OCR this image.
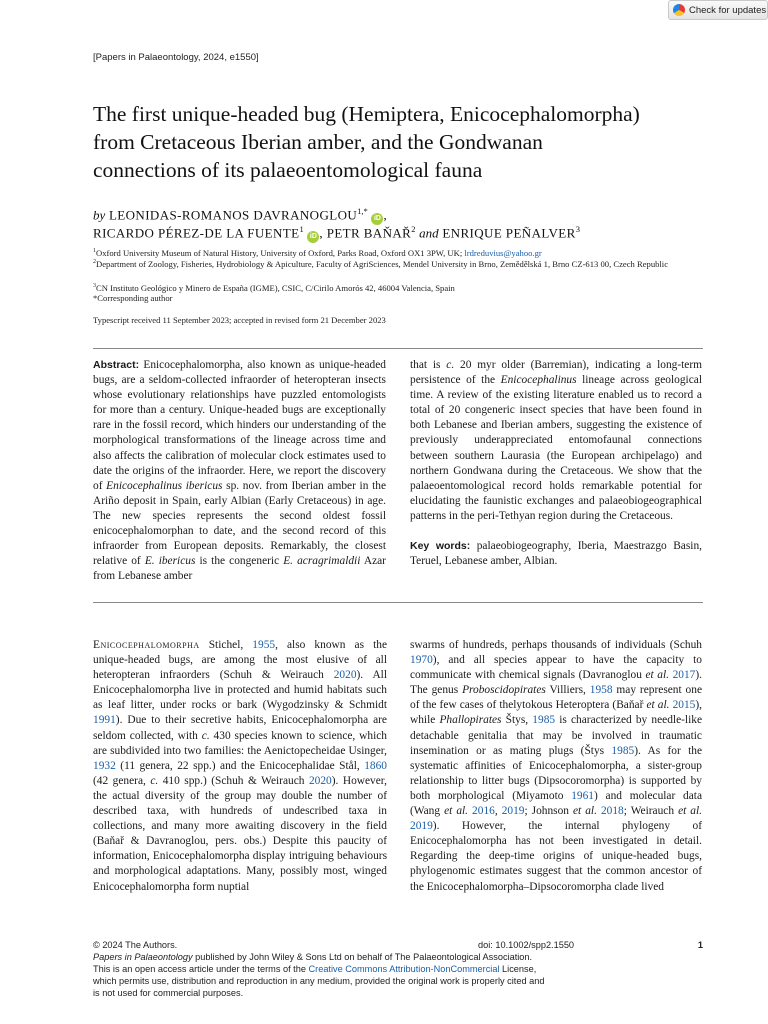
Check for updates
[Papers in Palaeontology, 2024, e1550]
The first unique-headed bug (Hemiptera, Enicocephalomorpha)
from Cretaceous Iberian amber, and the Gondwanan
connections of its palaeoentomological fauna
by LEONIDAS-ROMANOS $DAVRANOGLOU^{1,*}$ iD ,
RICARDO PÉREZ-DE LA FUENTE$^1$ iD , PETR BAŇAŘ$^2$ and ENRIQUE PEÑALVER$^3$
$^1$Oxford University Museum of Natural History, University of Oxford, Parks Road, Oxford OX1 3PW, UK; lrdreduvius@yahoo.gr
$^2$Department of Zoology, Fisheries, Hydrobiology & Apiculture, Faculty of AgriSciences, Mendel University in Brno, Zemědělská 1, Brno CZ-613 00, Czech Republic
$^3$CN Instituto Geológico y Minero de España (IGME), CSIC, C/Cirilo Amorós 42, 46004 Valencia, Spain
*Corresponding author
Typescript received 11 September 2023; accepted in revised form 21 December 2023
Abstract: Enicocephalomorpha, also known as unique-headed bugs, are a seldom-collected infraorder of heteropteran insects whose evolutionary relationships have puzzled entomologists for more than a century. Unique-headed bugs are exceptionally rare in the fossil record, which hinders our understanding of the morphological transformations of the lineage across time and also affects the calibration of molecular clock estimates used to date the origins of the infraorder. Here, we report the discovery of Enicocephalinus ibericus sp. nov. from Iberian amber in the Ariño deposit in Spain, early Albian (Early Cretaceous) in age. The new species represents the second oldest fossil enicocephalomorphan to date, and the second record of this infraorder from European deposits. Remarkably, the closest relative of E. ibericus is the congeneric E. acragrimaldii Azar from Lebanese amber

that is c. 20 myr older (Barremian), indicating a long-term persistence of the Enicocephalinus lineage across geological time. A review of the existing literature enabled us to record a total of 20 congeneric insect species that have been found in both Lebanese and Iberian ambers, suggesting the existence of previously underappreciated entomofaunal connections between southern Laurasia (the European archipelago) and northern Gondwana during the Cretaceous. We show that the palaeoentomological record holds remarkable potential for elucidating the faunistic exchanges and palaeobiogeographical patterns in the peri-Tethyan region during the Cretaceous.

Key words: palaeobiogeography, Iberia, Maestrazgo Basin, Teruel, Lebanese amber, Albian.

Enicocephalomorpha Stichel, 1955, also known as the unique-headed bugs, are among the most elusive of all heteropteran infraorders (Schuh & Weirauch 2020). All Enicocephalomorpha live in protected and humid habitats such as leaf litter, under rocks or bark (Wygodzinsky & Schmidt 1991). Due to their secretive habits, Enicocephalomorpha are seldom collected, with c. 430 species known to science, which are subdivided into two families: the Aenictopecheidae Usinger, 1932 (11 genera, 22 spp.) and the Enicocephalidae Stål, 1860 (42 genera, c. 410 spp.) (Schuh & Weirauch 2020). However, the actual diversity of the group may double the number of described taxa, with hundreds of undescribed taxa in collections, and many more awaiting discovery in the field (Baňař & Davranoglou, pers. obs.) Despite this paucity of information, Enicocephalomorpha display intriguing behaviours and morphological adaptations. Many, possibly most, winged Enicocephalomorpha form nuptial
swarms of hundreds, perhaps thousands of individuals (Schuh 1970), and all species appear to have the capacity to communicate with chemical signals (Davranoglou et al. 2017). The genus Proboscidopirates Villiers, 1958 may represent one of the few cases of thelytokous Heteroptera (Baňař et al. 2015), while Phallopirates Štys, 1985 is characterized by needle-like detachable genitalia that may be involved in traumatic insemination or as mating plugs (Štys 1985). As for the systematic affinities of Enicocephalomorpha, a sister-group relationship to litter bugs (Dipsocoromorpha) is supported by both morphological (Miyamoto 1961) and molecular data (Wang et al. 2016, 2019; Johnson et al. 2018; Weirauch et al. 2019). However, the internal phylogeny of Enicocephalomorpha has not been investigated in detail. Regarding the deep-time origins of unique-headed bugs, phylogenomic estimates suggest that the common ancestor of the Enicocephalomorpha–Dipsocoromorpha clade lived
© 2024 The Authors.	doi: 10.1002/spp2.1550	1
Papers in Palaeontology published by John Wiley & Sons Ltd on behalf of The Palaeontological Association.
This is an open access article under the terms of the Creative Commons Attribution-NonCommercial License,
which permits use, distribution and reproduction in any medium, provided the original work is properly cited and
is not used for commercial purposes.
